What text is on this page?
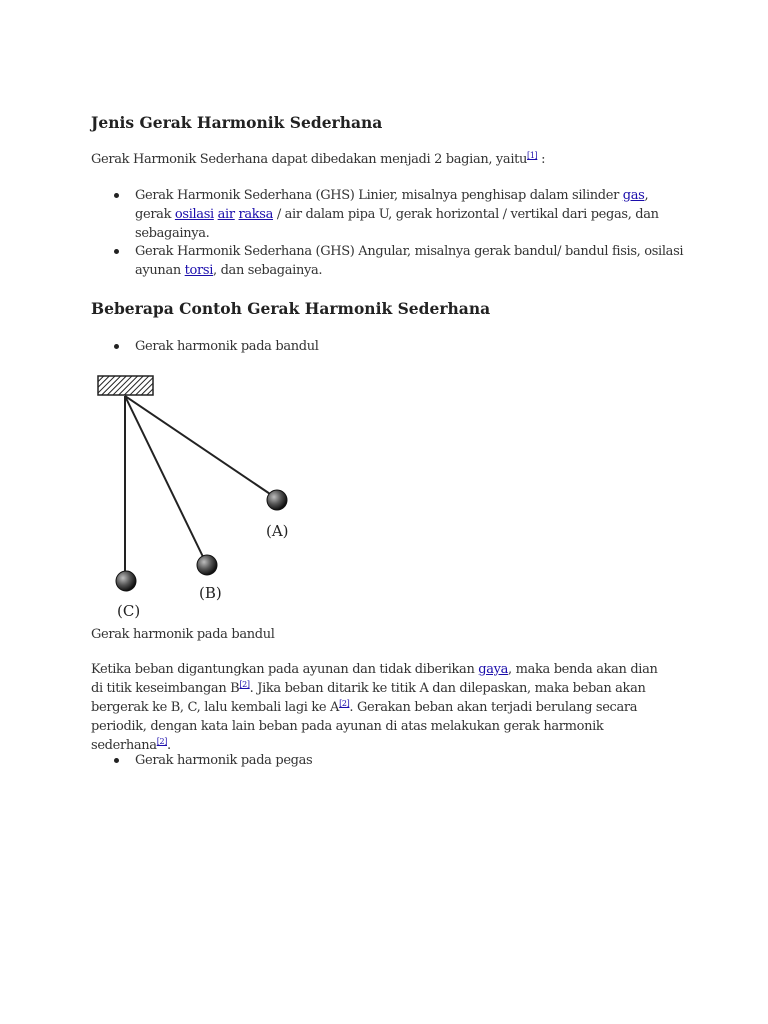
Jenis Gerak Harmonik Sederhana

Gerak Harmonik Sederhana dapat dibedakan menjadi 2 bagian, yaitu[1] :

Gerak Harmonik Sederhana (GHS) Linier, misalnya penghisap dalam silinder gas, gerak osilasi air raksa / air dalam pipa U, gerak horizontal / vertikal dari pegas, dan sebagainya.
Gerak Harmonik Sederhana (GHS) Angular, misalnya gerak bandul/ bandul fisis, osilasi ayunan torsi, dan sebagainya.
Beberapa Contoh Gerak Harmonik Sederhana
Gerak harmonik pada bandul
(A)
(B)
(C)

Gerak harmonik pada bandul

Ketika beban digantungkan pada ayunan dan tidak diberikan gaya, maka benda akan dian di titik keseimbangan B[2]. Jika beban ditarik ke titik A dan dilepaskan, maka beban akan bergerak ke B, C, lalu kembali lagi ke A[2]. Gerakan beban akan terjadi berulang secara periodik, dengan kata lain beban pada ayunan di atas melakukan gerak harmonik sederhana[2].

Gerak harmonik pada pegas
